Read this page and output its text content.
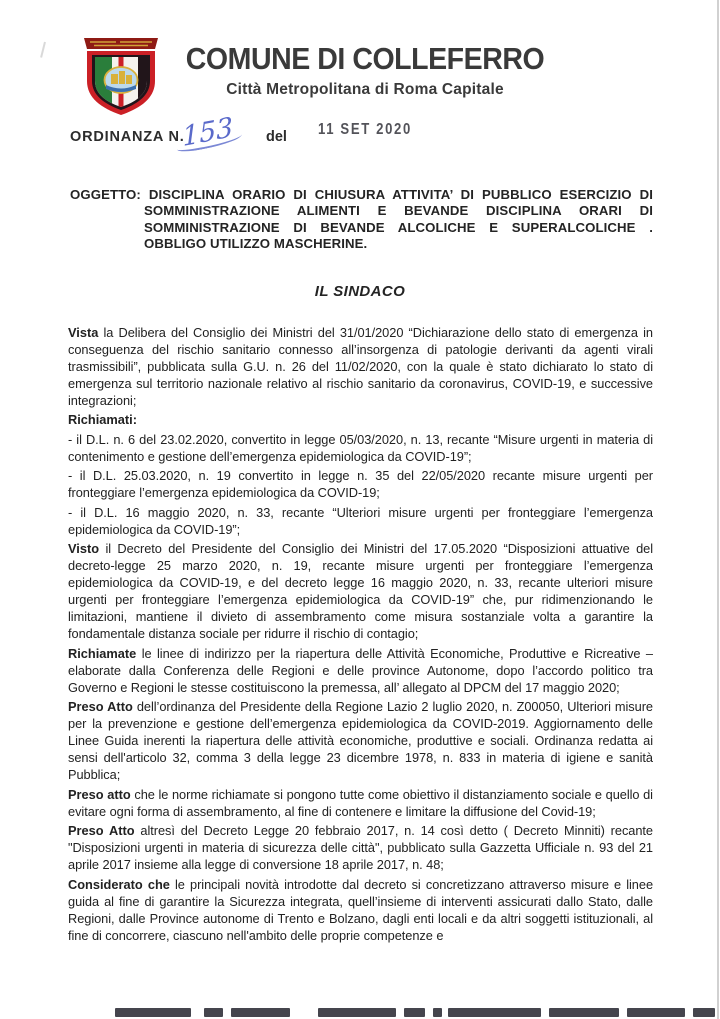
COMUNE DI COLLEFERRO
Città Metropolitana di Roma Capitale
ORDINANZA N.
153 del 11 SET 2020

OGGETTO: DISCIPLINA ORARIO DI CHIUSURA ATTIVITA’ DI PUBBLICO ESERCIZIO DI SOMMINISTRAZIONE ALIMENTI E BEVANDE DISCIPLINA ORARI DI SOMMINISTRAZIONE DI BEVANDE ALCOLICHE E SUPERALCOLICHE . OBBLIGO UTILIZZO MASCHERINE.

IL SINDACO

Vista la Delibera del Consiglio dei Ministri del 31/01/2020 “Dichiarazione dello stato di emergenza in conseguenza del rischio sanitario connesso all’insorgenza di patologie derivanti da agenti virali trasmissibili”, pubblicata sulla G.U. n. 26 del 11/02/2020, con la quale è stato dichiarato lo stato di emergenza sul territorio nazionale relativo al rischio sanitario da coronavirus, COVID-19, e successive integrazioni;

Richiamati:

- il D.L. n. 6 del 23.02.2020, convertito in legge 05/03/2020, n. 13, recante “Misure urgenti in materia di contenimento e gestione dell’emergenza epidemiologica da COVID-19”;

- il D.L. 25.03.2020, n. 19 convertito in legge n. 35 del 22/05/2020 recante misure urgenti per fronteggiare l’emergenza epidemiologica da COVID-19;

- il D.L. 16 maggio 2020, n. 33, recante “Ulteriori misure urgenti per fronteggiare l’emergenza epidemiologica da COVID-19”;

Visto il Decreto del Presidente del Consiglio dei Ministri del 17.05.2020 “Disposizioni attuative del decreto-legge 25 marzo 2020, n. 19, recante misure urgenti per fronteggiare l’emergenza epidemiologica da COVID-19, e del decreto legge 16 maggio 2020, n. 33, recante ulteriori misure urgenti per fronteggiare l’emergenza epidemiologica da COVID-19” che, pur ridimenzionando le limitazioni, mantiene il divieto di assembramento come misura sostanziale volta a garantire la fondamentale distanza sociale per ridurre il rischio di contagio;

Richiamate le linee di indirizzo per la riapertura delle Attività Economiche, Produttive e Ricreative – elaborate dalla Conferenza delle Regioni e delle province Autonome, dopo l’accordo politico tra Governo e Regioni le stesse costituiscono la premessa, all’ allegato al DPCM del 17 maggio 2020;

Preso Atto dell’ordinanza del Presidente della Regione Lazio 2 luglio 2020, n. Z00050, Ulteriori misure per la prevenzione e gestione dell’emergenza epidemiologica da COVID-2019. Aggiornamento delle Linee Guida inerenti la riapertura delle attività economiche, produttive e sociali. Ordinanza redatta ai sensi dell'articolo 32, comma 3 della legge 23 dicembre 1978, n. 833 in materia di igiene e sanità Pubblica;

Preso atto che le norme richiamate si pongono tutte come obiettivo il distanziamento sociale e quello di evitare ogni forma di assembramento, al fine di contenere e limitare la diffusione del Covid-19;

Preso Atto altresì del Decreto Legge 20 febbraio 2017, n. 14 così detto ( Decreto Minniti) recante "Disposizioni urgenti in materia di sicurezza delle città", pubblicato sulla Gazzetta Ufficiale n. 93 del 21 aprile 2017 insieme alla legge di conversione 18 aprile 2017, n. 48;

Considerato che le principali novità introdotte dal decreto si concretizzano attraverso misure e linee guida al fine di garantire la Sicurezza integrata, quell’insieme di interventi assicurati dallo Stato, dalle Regioni, dalle Province autonome di Trento e Bolzano, dagli enti locali e da altri soggetti istituzionali, al fine di concorrere, ciascuno nell'ambito delle proprie competenze e
